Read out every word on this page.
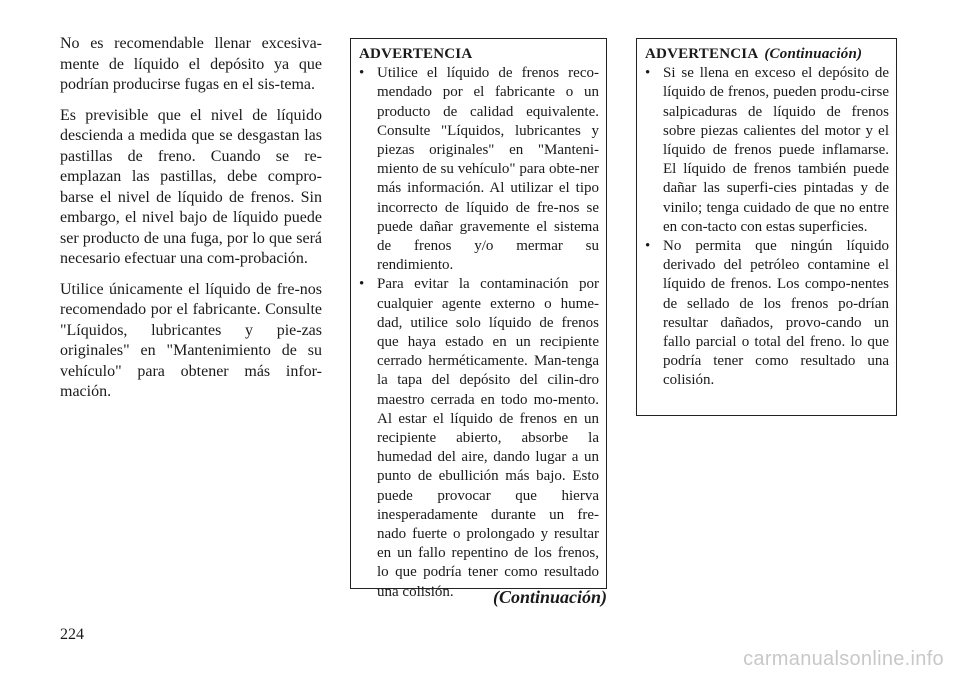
No es recomendable llenar excesiva-mente de líquido el depósito ya que podrían producirse fugas en el sis-tema.

Es previsible que el nivel de líquido descienda a medida que se desgastan las pastillas de freno. Cuando se re-emplazan las pastillas, debe compro-barse el nivel de líquido de frenos. Sin embargo, el nivel bajo de líquido puede ser producto de una fuga, por lo que será necesario efectuar una com-probación.

Utilice únicamente el líquido de fre-nos recomendado por el fabricante. Consulte "Líquidos, lubricantes y pie-zas originales" en "Mantenimiento de su vehículo" para obtener más infor-mación.

ADVERTENCIA

• Utilice el líquido de frenos reco-mendado por el fabricante o un producto de calidad equivalente. Consulte "Líquidos, lubricantes y piezas originales" en "Manteni-miento de su vehículo" para obte-ner más información. Al utilizar el tipo incorrecto de líquido de fre-nos se puede dañar gravemente el sistema de frenos y/o mermar su rendimiento.
• Para evitar la contaminación por cualquier agente externo o hume-dad, utilice solo líquido de frenos que haya estado en un recipiente cerrado herméticamente. Man-tenga la tapa del depósito del cilin-dro maestro cerrada en todo mo-mento. Al estar el líquido de frenos en un recipiente abierto, absorbe la humedad del aire, dando lugar a un punto de ebullición más bajo. Esto puede provocar que hierva inesperadamente durante un fre-nado fuerte o prolongado y resultar en un fallo repentino de los frenos, lo que podría tener como resultado una colisión.	(Continuación)

ADVERTENCIA (Continuación)

• Si se llena en exceso el depósito de líquido de frenos, pueden produ-cirse salpicaduras de líquido de frenos sobre piezas calientes del motor y el líquido de frenos puede inflamarse. El líquido de frenos también puede dañar las superfi-cies pintadas y de vinilo; tenga cuidado de que no entre en con-tacto con estas superficies.
• No permita que ningún líquido derivado del petróleo contamine el líquido de frenos. Los compo-nentes de sellado de los frenos po-drían resultar dañados, provo-cando un fallo parcial o total del freno. lo que podría tener como resultado una colisión.
224
carmanualsonline.info
